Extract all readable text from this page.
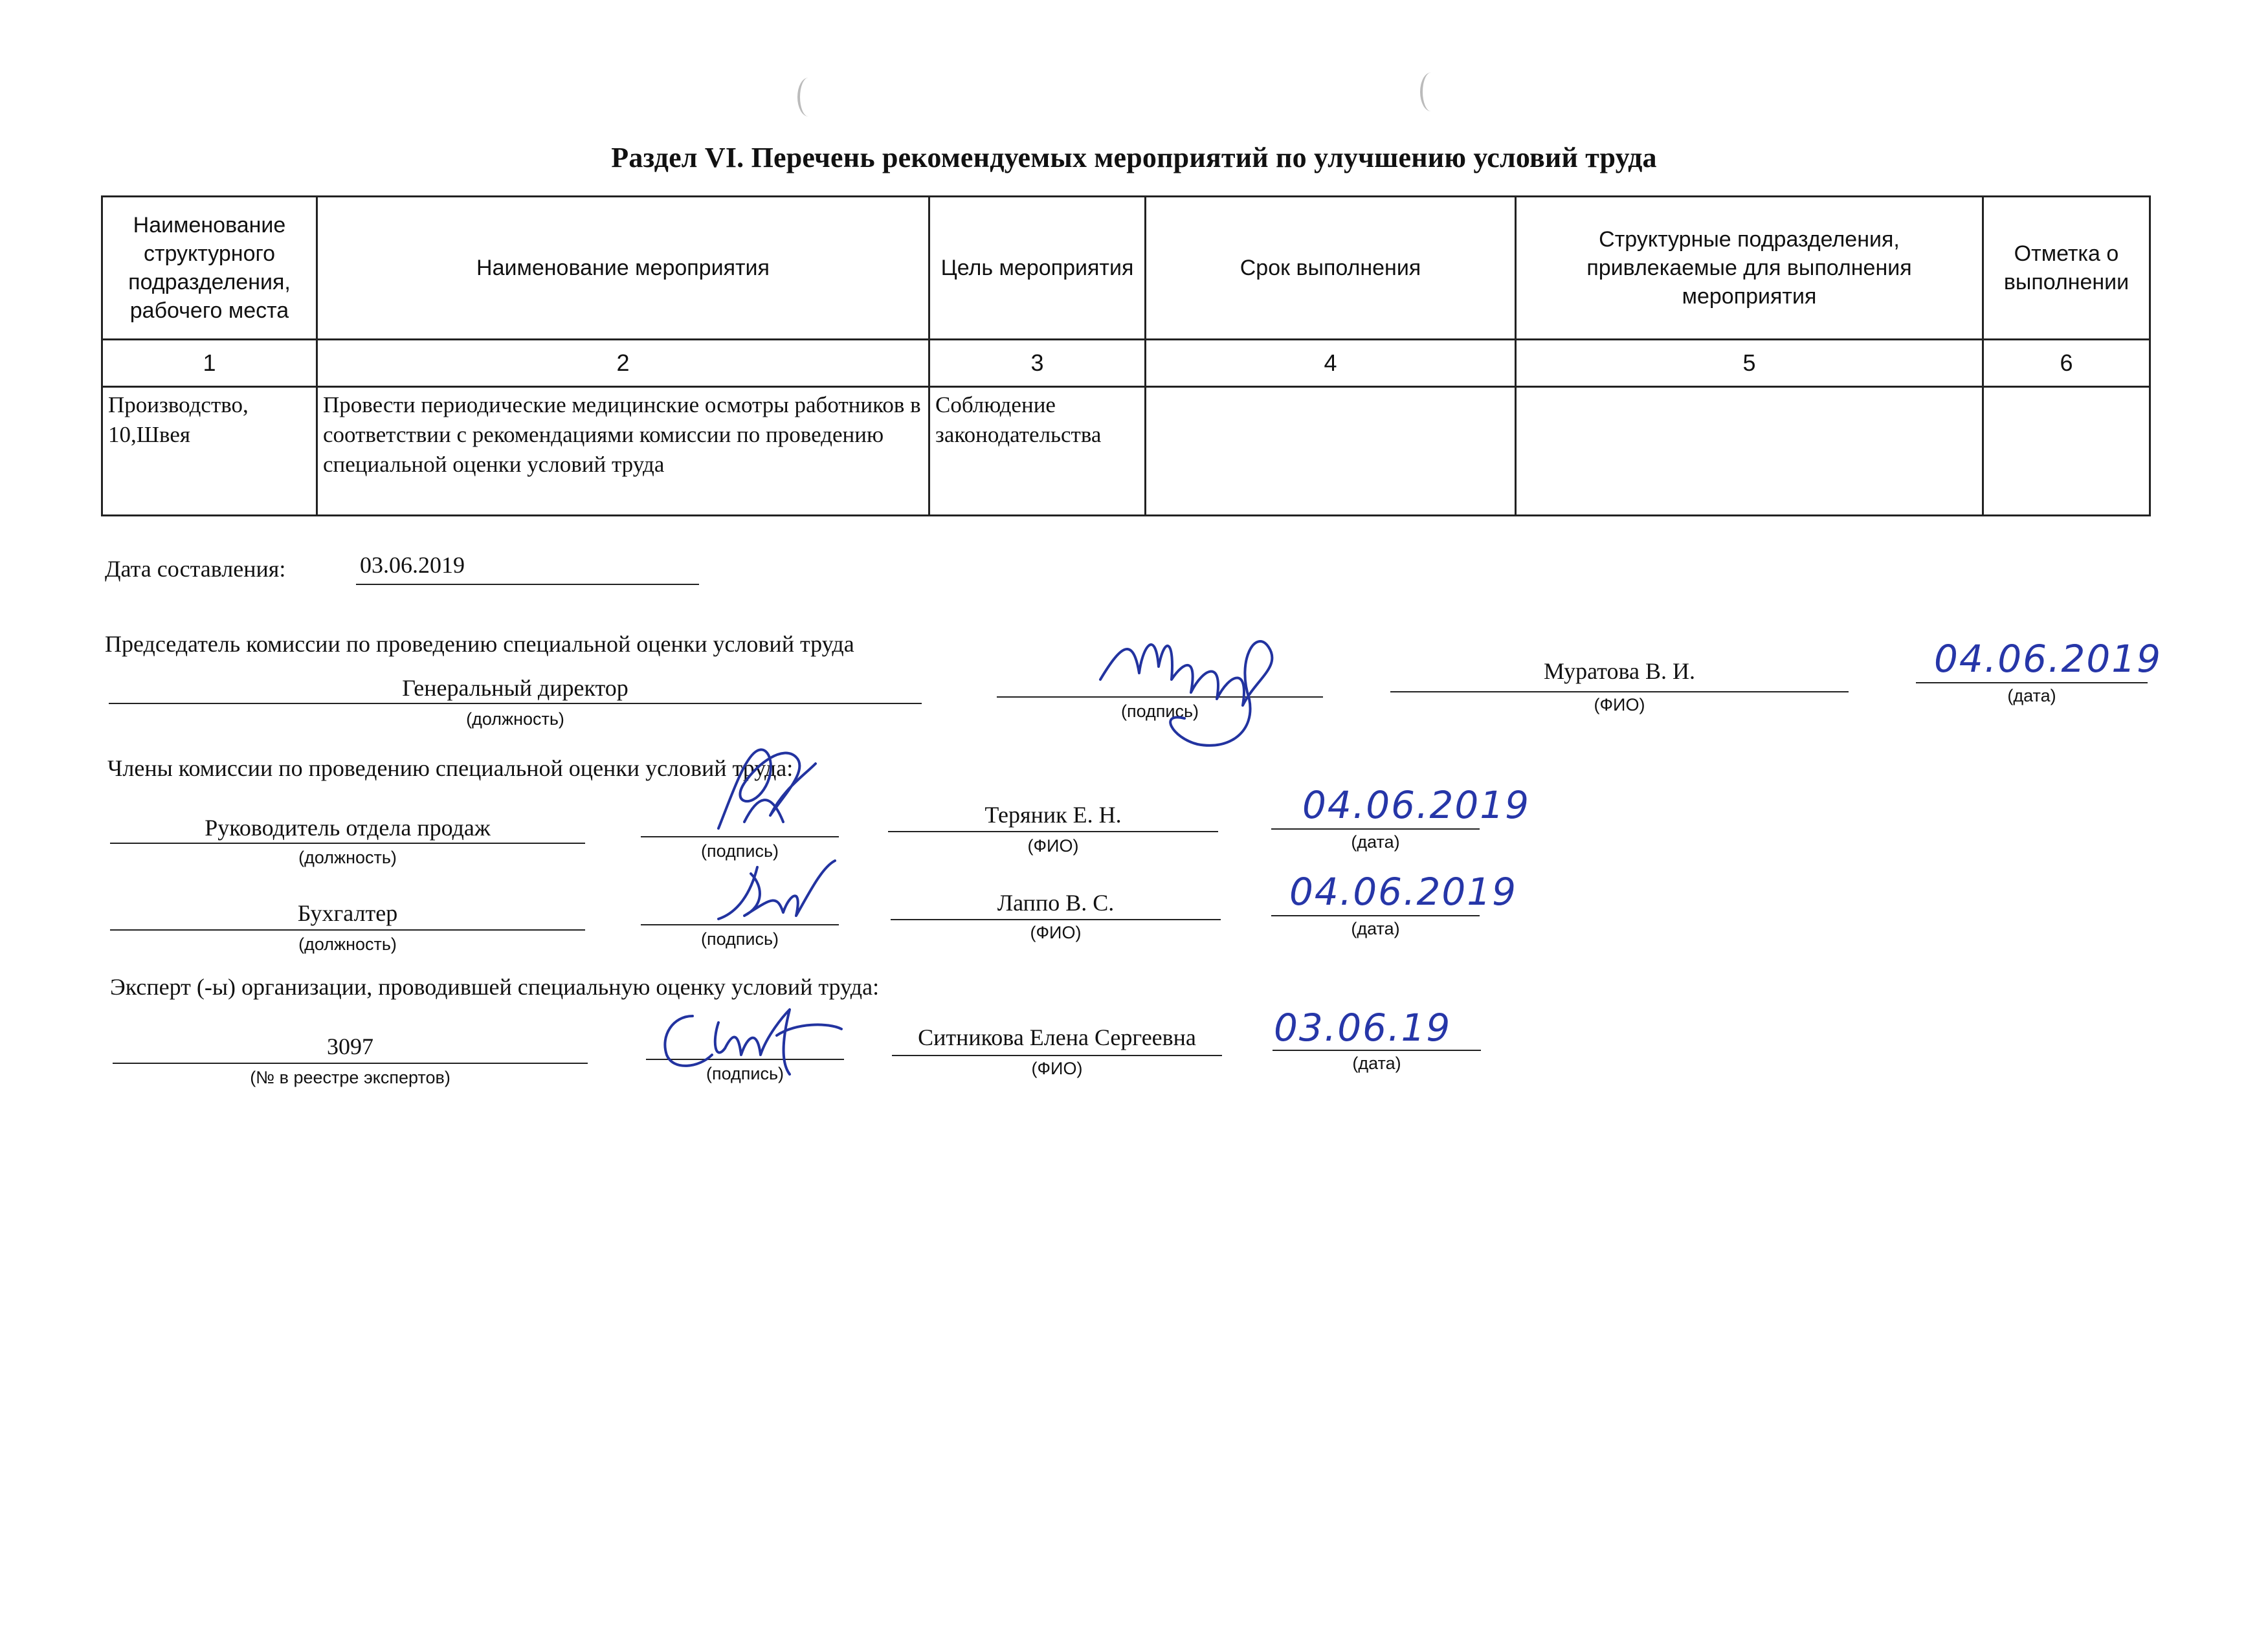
Раздел VI. Перечень рекомендуемых мероприятий по улучшению условий труда
Наименование структурного подразделения, рабочего места	Наименование мероприятия	Цель мероприятия	Срок выполнения	Структурные подразделения, привлекаемые для выполнения мероприятия	Отметка о выполнении
1	2	3	4	5	6
Производство, 10,Швея	Провести периодические медицинские осмотры работников в соответствии с рекомендациями комиссии по проведению специальной оценки условий труда	Соблюдение законодательства			
Дата составления:	03.06.2019
Председатель комиссии по проведению специальной оценки условий труда
Генеральный директор
(должность)	(подпись)
Муратова В. И.
(ФИО)
04.06.2019
(дата)
Члены комиссии по проведению специальной оценки условий труда:
Руководитель отдела продаж
(должность)	(подпись)
Теряник Е. Н.
(ФИО)
04.06.2019
(дата)
Бухгалтер
(должность)	(подпись)
Лаппо В. С.
(ФИО)
04.06.2019
(дата)
Эксперт (-ы) организации, проводившей специальную оценку условий труда:
3097
(№ в реестре экспертов)	(подпись)
Ситникова Елена Сергеевна
(ФИО)
03.06.19
(дата)
